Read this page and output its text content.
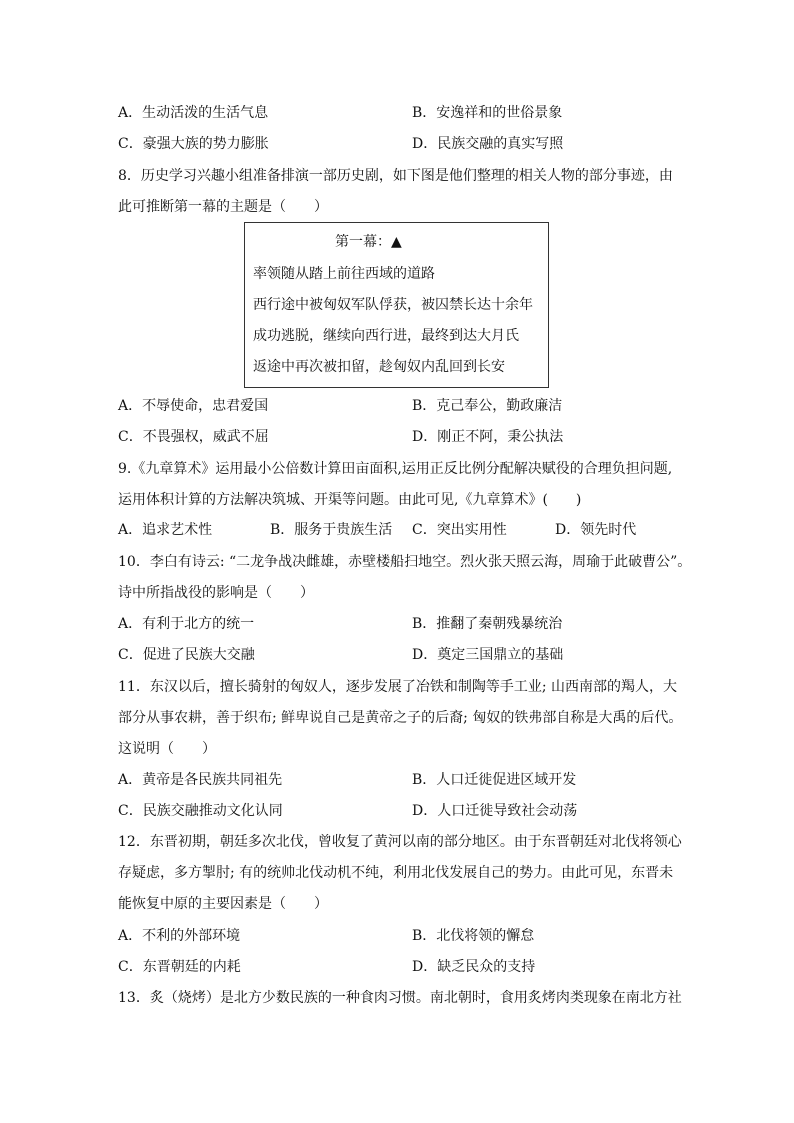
A．生动活泼的生活气息	B．安逸祥和的世俗景象
C．豪强大族的势力膨胀	D．民族交融的真实写照
8．历史学习兴趣小组准备排演一部历史剧，如下图是他们整理的相关人物的部分事迹，由
此可推断第一幕的主题是（　　）
第一幕：▲
率领随从踏上前往西域的道路
西行途中被匈奴军队俘获，被囚禁长达十余年
成功逃脱，继续向西行进，最终到达大月氏
返途中再次被扣留，趁匈奴内乱回到长安
A．不辱使命，忠君爱国	B．克己奉公，勤政廉洁
C．不畏强权，威武不屈	D．刚正不阿，秉公执法
9.《九章算术》运用最小公倍数计算田亩面积,运用正反比例分配解决赋役的合理负担问题,
运用体积计算的方法解决筑城、开渠等问题。由此可见,《九章算术》(　　)
A．追求艺术性	B．服务于贵族生活 C．突出实用性	D．领先时代
10．李白有诗云: “二龙争战决雌雄，赤壁楼船扫地空。烈火张天照云海，周瑜于此破曹公”。
诗中所指战役的影响是（　　）
A．有利于北方的统一	B．推翻了秦朝残暴统治
C．促进了民族大交融	D．奠定三国鼎立的基础
11．东汉以后，擅长骑射的匈奴人，逐步发展了冶铁和制陶等手工业; 山西南部的羯人，大
部分从事农耕，善于织布; 鲜卑说自己是黄帝之子的后裔; 匈奴的铁弗部自称是大禹的后代。
这说明（　　）
A．黄帝是各民族共同祖先	B．人口迁徙促进区域开发
C．民族交融推动文化认同	D．人口迁徙导致社会动荡
12．东晋初期，朝廷多次北伐，曾收复了黄河以南的部分地区。由于东晋朝廷对北伐将领心
存疑虑，多方掣肘; 有的统帅北伐动机不纯，利用北伐发展自己的势力。由此可见，东晋未
能恢复中原的主要因素是（　　）
A．不利的外部环境	B．北伐将领的懈怠
C．东晋朝廷的内耗	D．缺乏民众的支持
13．炙（烧烤）是北方少数民族的一种食肉习惯。南北朝时，食用炙烤肉类现象在南北方社
